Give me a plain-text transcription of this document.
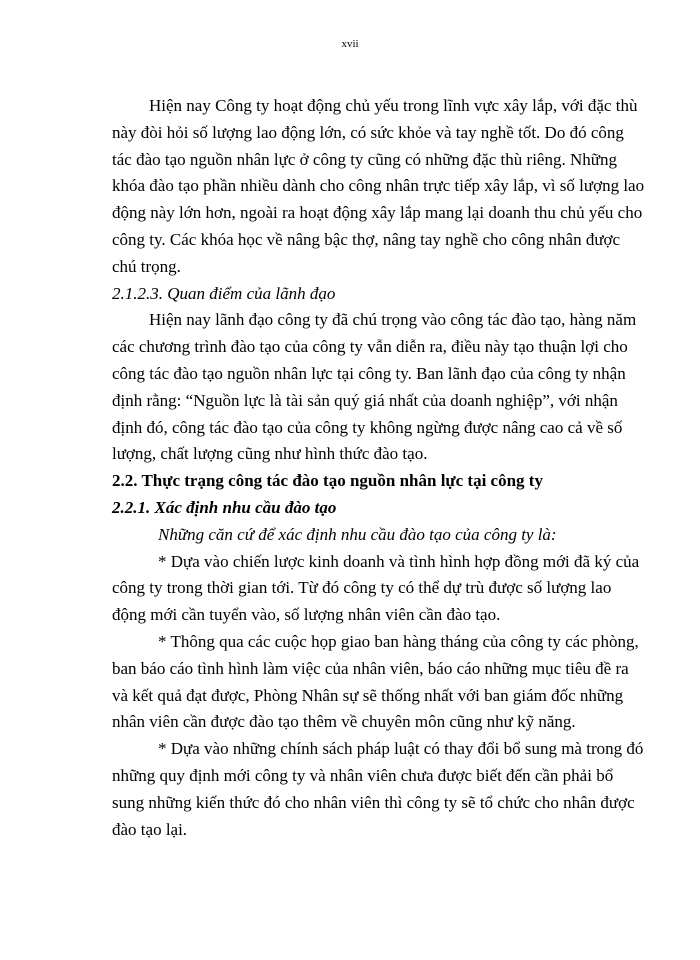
xvii
Hiện nay Công ty hoạt động chủ yếu trong lĩnh vực xây lắp, với đặc thù
này đòi hỏi số lượng lao động lớn, có sức khỏe và tay nghề tốt. Do đó công
tác đào tạo nguồn nhân lực ở công ty cũng có những đặc thù riêng. Những
khóa đào tạo phần nhiều dành cho công nhân trực tiếp xây lắp, vì số lượng lao
động này lớn hơn, ngoài ra hoạt động xây lắp mang lại doanh thu chủ yếu cho
công ty. Các khóa học về nâng bậc thợ, nâng tay nghề cho công nhân được
chú trọng.
2.1.2.3. Quan điểm của lãnh đạo
Hiện nay lãnh đạo công ty đã chú trọng vào công tác đào tạo, hàng năm
các chương trình đào tạo của công ty vẫn diễn ra, điều này tạo thuận lợi cho
công tác đào tạo nguồn nhân lực tại công ty. Ban lãnh đạo của công ty nhận
định rằng: “Nguồn lực là tài sản quý giá nhất của doanh nghiệp”, với nhận
định đó, công tác đào tạo của công ty không ngừng được nâng cao cả về số
lượng, chất lượng cũng như hình thức đào tạo.
2.2. Thực trạng công tác đào tạo nguồn nhân lực tại công ty
2.2.1. Xác định nhu cầu đào tạo
Những căn cứ để xác định nhu cầu đào tạo của công ty là:
* Dựa vào chiến lược kinh doanh và tình hình hợp đồng mới đã ký của
công ty trong thời gian tới. Từ đó công ty có thể dự trù được số lượng lao
động mới cần tuyển vào, số lượng nhân viên cần đào tạo.
* Thông qua các cuộc họp giao ban hàng tháng của công ty các phòng,
ban báo cáo tình hình làm việc của nhân viên, báo cáo những mục tiêu đề ra
và kết quả đạt được, Phòng Nhân sự sẽ thống nhất với ban giám đốc những
nhân viên cần được đào tạo thêm về chuyên môn cũng như kỹ năng.
* Dựa vào những chính sách pháp luật có thay đổi bổ sung mà trong đó
những quy định mới công ty và nhân viên chưa được biết đến cần phải bổ
sung những kiến thức đó cho nhân viên thì công ty sẽ tổ chức cho nhân được
đào tạo lại.
